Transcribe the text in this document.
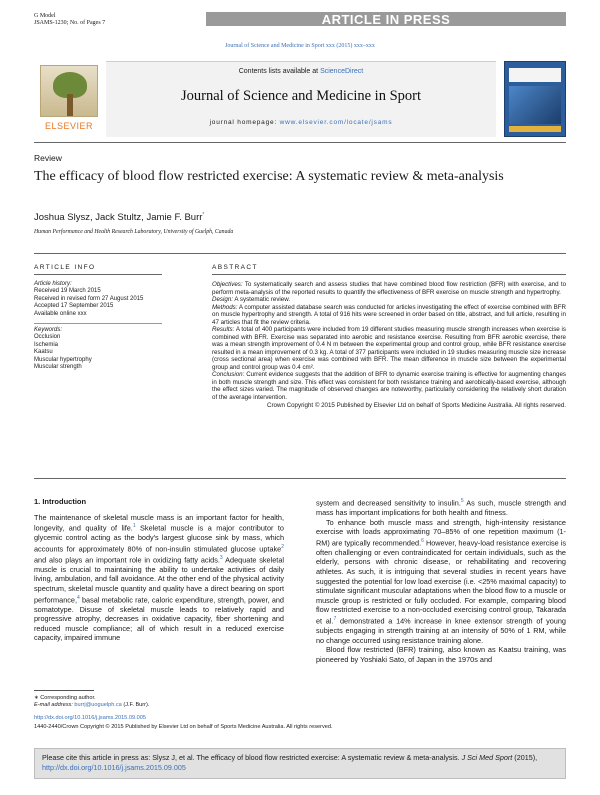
G Model
JSAMS-1230; No. of Pages 7	ARTICLE IN PRESS
Journal of Science and Medicine in Sport xxx (2015) xxx–xxx
ELSEVIER
Contents lists available at ScienceDirect
Journal of Science and Medicine in Sport
journal homepage: www.elsevier.com/locate/jsams
Review
The efficacy of blood flow restricted exercise: A systematic review & meta-analysis
Joshua Slysz, Jack Stultz, Jamie F. Burr*
Human Performance and Health Research Laboratory, University of Guelph, Canada
ARTICLE INFO
Article history:
Received 19 March 2015
Received in revised form 27 August 2015
Accepted 17 September 2015
Available online xxx
Keywords:
Occlusion
Ischemia
Kaatsu
Muscular hypertrophy
Muscular strength
ABSTRACT

Objectives: To systematically search and assess studies that have combined blood flow restriction (BFR) with exercise, and to perform meta-analysis of the reported results to quantify the effectiveness of BFR exercise on muscle strength and hypertrophy.

Design: A systematic review.

Methods: A computer assisted database search was conducted for articles investigating the effect of exercise combined with BFR on muscle hypertrophy and strength. A total of 916 hits were screened in order based on title, abstract, and full article, resulting in 47 articles that fit the review criteria.

Results: A total of 400 participants were included from 19 different studies measuring muscle strength increases when exercise is combined with BFR. Exercise was separated into aerobic and resistance exercise. Resulting from BFR aerobic exercise, there was a mean strength improvement of 0.4 N m between the experimental group and control group, while BFR resistance exercise resulted in a mean improvement of 0.3 kg. A total of 377 participants were included in 19 studies measuring muscle size increase (cross sectional area) when exercise was combined with BFR. The mean difference in muscle size between the experimental group and control group was 0.4 cm².

Conclusion: Current evidence suggests that the addition of BFR to dynamic exercise training is effective for augmenting changes in both muscle strength and size. This effect was consistent for both resistance training and aerobically-based exercise, although the effect sizes varied. The magnitude of observed changes are noteworthy, particularly considering the relatively short duration of the average intervention.

Crown Copyright © 2015 Published by Elsevier Ltd on behalf of Sports Medicine Australia. All rights reserved.

1. Introduction

The maintenance of skeletal muscle mass is an important factor for health, longevity, and quality of life.$^1$ Skeletal muscle is a major contributor to glycemic control acting as the body's largest glucose sink by mass, which accounts for approximately 80% of non-insulin stimulated glucose uptake$^2$ and also plays an important role in oxidizing fatty acids.$^3$ Adequate skeletal muscle is crucial to maintaining the ability to undertake activities of daily living, ambulation, and fall avoidance. At the other end of the physical activity spectrum, skeletal muscle quantity and quality have a direct bearing on sport performance,$^4$ basal metabolic rate, caloric expenditure, strength, power, and somatotype. Disuse of skeletal muscle leads to relatively rapid and progressive atrophy, decreases in oxidative capacity, fiber shortening and reduced muscle compliance; all of which result in a reduced exercise capacity, impaired immune

system and decreased sensitivity to insulin.$^5$ As such, muscle strength and mass has important implications for both health and fitness.

To enhance both muscle mass and strength, high-intensity resistance exercise with loads approximating 70–85% of one repetition maximum (1-RM) are typically recommended.$^6$ However, heavy-load resistance exercise is often challenging or even contraindicated for certain individuals, such as the elderly, persons with chronic disease, or rehabilitating and recovering athletes. As such, it is intriguing that several studies in recent years have suggested the potential for low load exercise (i.e. <25% maximal capacity) to stimulate significant muscular adaptations when the blood flow to a muscle or muscle group is restricted or fully occluded. For example, comparing blood flow restricted exercise to a non-occluded exercising control group, Takarada et al.$^7$ demonstrated a 14% increase in knee extensor strength of young subjects engaging in strength training at an intensity of 50% of 1 RM, while no change occurred using resistance training alone.

Blood flow restricted (BFR) training, also known as Kaatsu training, was pioneered by Yoshiaki Sato, of Japan in the 1970s and

∗ Corresponding author.
E-mail address: burrj@uoguelph.ca (J.F. Burr).
http://dx.doi.org/10.1016/j.jsams.2015.09.005
1440-2440/Crown Copyright © 2015 Published by Elsevier Ltd on behalf of Sports Medicine Australia. All rights reserved.
Please cite this article in press as: Slysz J, et al. The efficacy of blood flow restricted exercise: A systematic review & meta-analysis. J Sci Med Sport (2015), http://dx.doi.org/10.1016/j.jsams.2015.09.005
